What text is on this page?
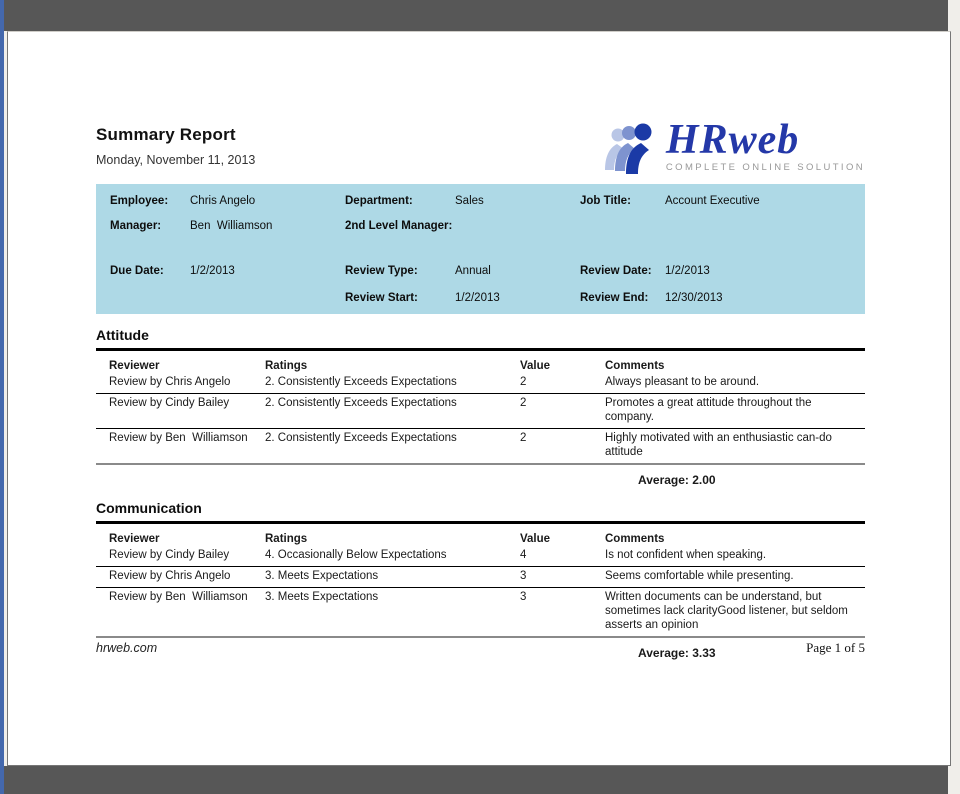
Summary Report
Monday, November 11, 2013	HRweb
COMPLETE ONLINE SOLUTION
Employee:	Chris Angelo	Department:	Sales	Job Title:	Account Executive
Manager:	Ben  Williamson	2nd Level Manager:
Due Date:	1/2/2013	Review Type:	Annual	Review Date:	1/2/2013
Review Start:	1/2/2013	Review End:	12/30/2013
Attitude
Reviewer	Ratings	Value	Comments
Review by Chris Angelo	2. Consistently Exceeds Expectations	2	Always pleasant to be around.
Review by Cindy Bailey	2. Consistently Exceeds Expectations	2	Promotes a great attitude throughout the company.
Review by Ben  Williamson	2. Consistently Exceeds Expectations	2	Highly motivated with an enthusiastic can-do attitude
Average: 2.00
Communication
Reviewer	Ratings	Value	Comments
Review by Cindy Bailey	4. Occasionally Below Expectations	4	Is not confident when speaking.
Review by Chris Angelo	3. Meets Expectations	3	Seems comfortable while presenting.
Review by Ben  Williamson	3. Meets Expectations	3	Written documents can be understand, but sometimes lack clarityGood listener, but seldom asserts an opinion
Average: 3.33
hrweb.com	Page 1 of 5
